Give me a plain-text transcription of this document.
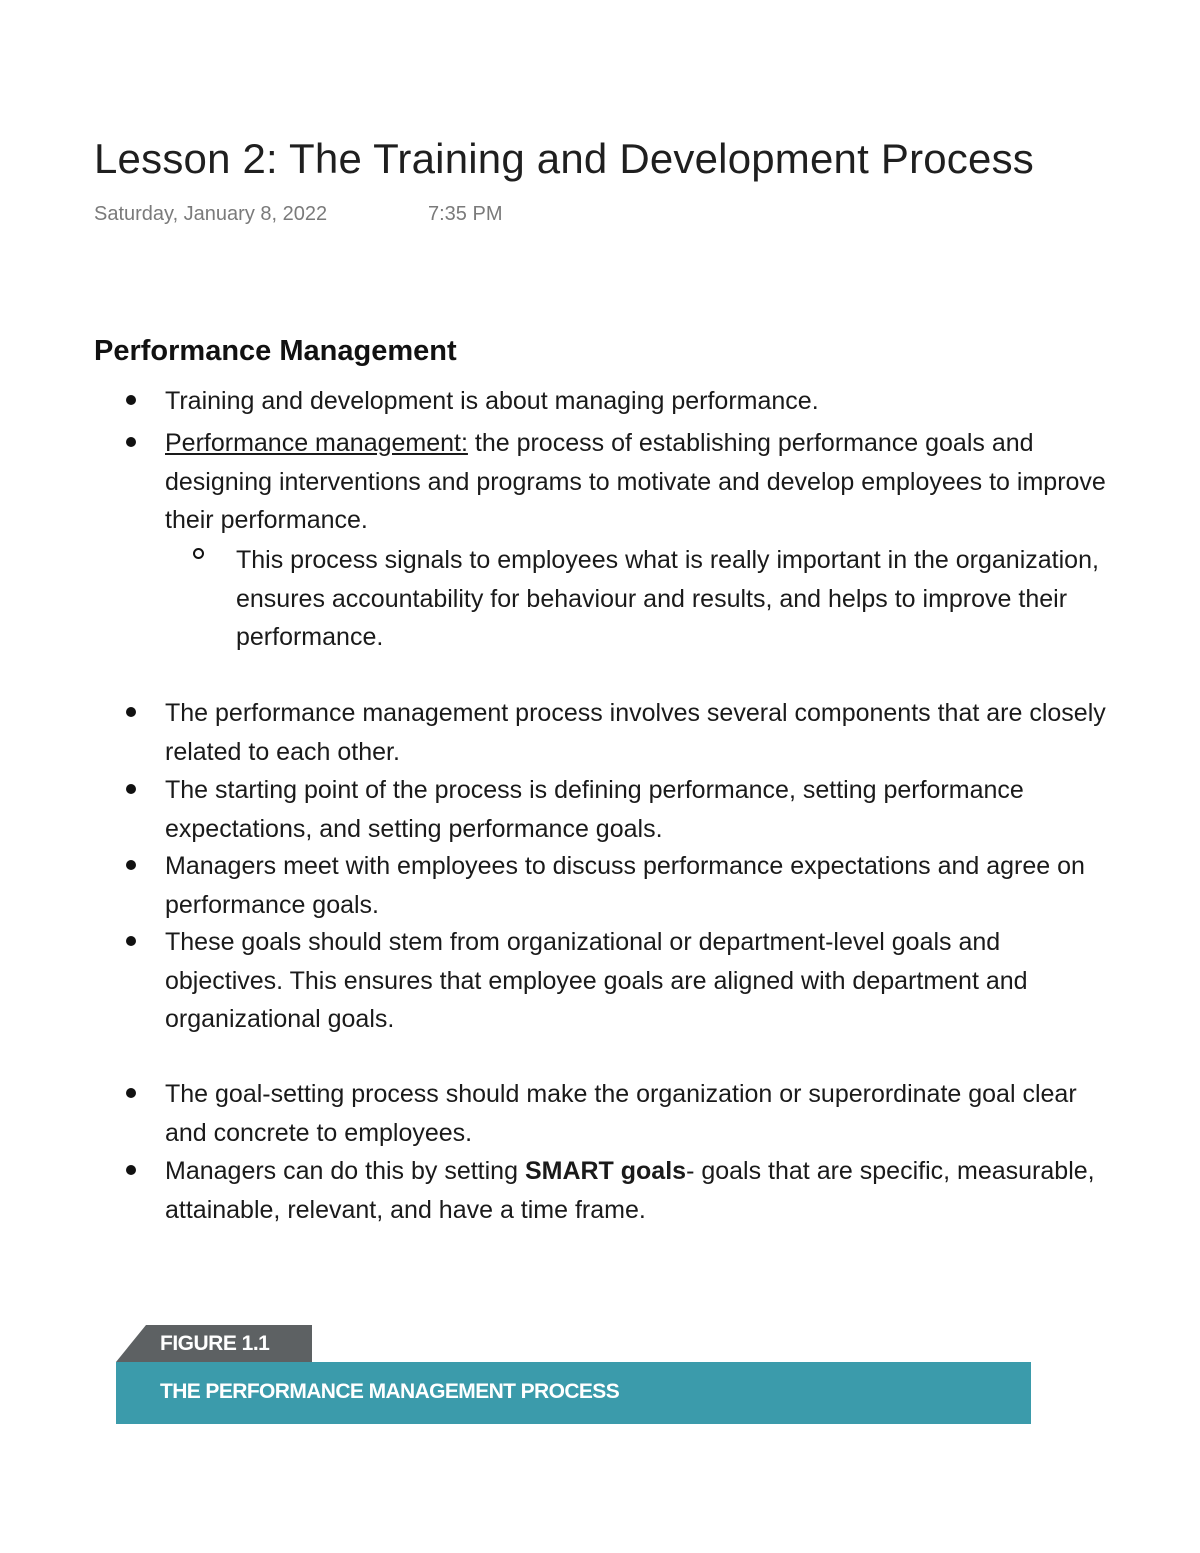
Lesson 2: The Training and Development Process
Saturday, January 8, 2022	7:35 PM
Performance Management
Training and development is about managing performance.
Performance management: the process of establishing performance goals and designing interventions and programs to motivate and develop employees to improve their performance.
This process signals to employees what is really important in the organization, ensures accountability for behaviour and results, and helps to improve their performance.
The performance management process involves several components that are closely related to each other.
The starting point of the process is defining performance, setting performance expectations, and setting performance goals.
Managers meet with employees to discuss performance expectations and agree on performance goals.
These goals should stem from organizational or department-level goals and objectives. This ensures that employee goals are aligned with department and organizational goals.
The goal-setting process should make the organization or superordinate goal clear and concrete to employees.
Managers can do this by setting SMART goals- goals that are specific, measurable, attainable, relevant, and have a time frame.
FIGURE 1.1
THE PERFORMANCE MANAGEMENT PROCESS
